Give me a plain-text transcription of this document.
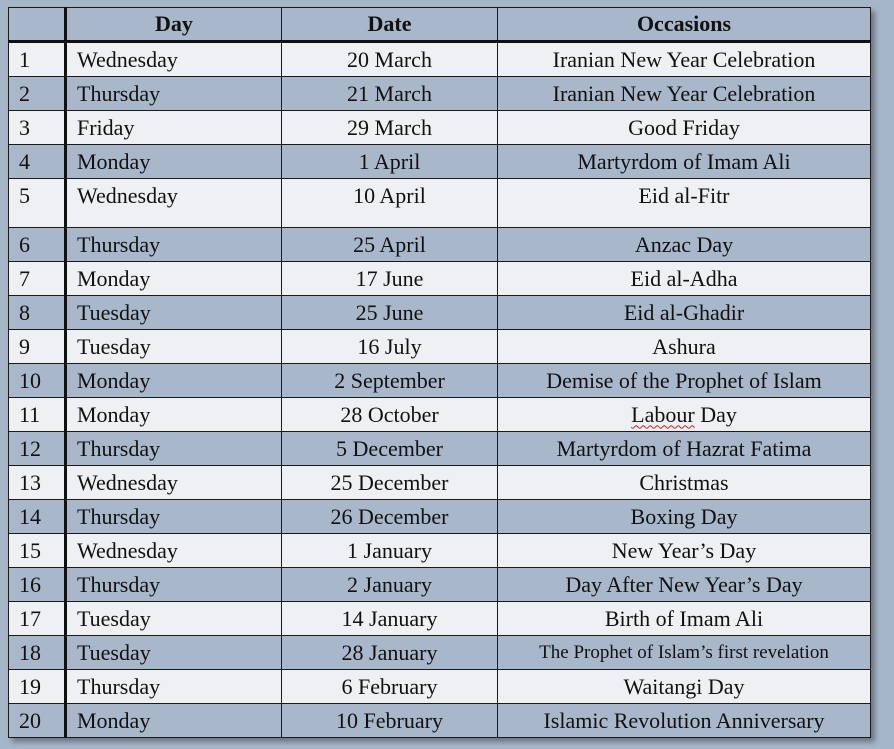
	Day	Date	Occasions
1	Wednesday	20 March	Iranian New Year Celebration
2	Thursday	21 March	Iranian New Year Celebration
3	Friday	29 March	Good Friday
4	Monday	1 April	Martyrdom of Imam Ali
5	Wednesday	10 April	Eid al-Fitr
6	Thursday	25 April	Anzac Day
7	Monday	17 June	Eid al-Adha
8	Tuesday	25 June	Eid al-Ghadir
9	Tuesday	16 July	Ashura
10	Monday	2 September	Demise of the Prophet of Islam
11	Monday	28 October	Labour Day
12	Thursday	5 December	Martyrdom of Hazrat Fatima
13	Wednesday	25 December	Christmas
14	Thursday	26 December	Boxing Day
15	Wednesday	1 January	New Year’s Day
16	Thursday	2 January	Day After New Year’s Day
17	Tuesday	14 January	Birth of Imam Ali
18	Tuesday	28 January	The Prophet of Islam’s first revelation
19	Thursday	6 February	Waitangi Day
20	Monday	10 February	Islamic Revolution Anniversary
